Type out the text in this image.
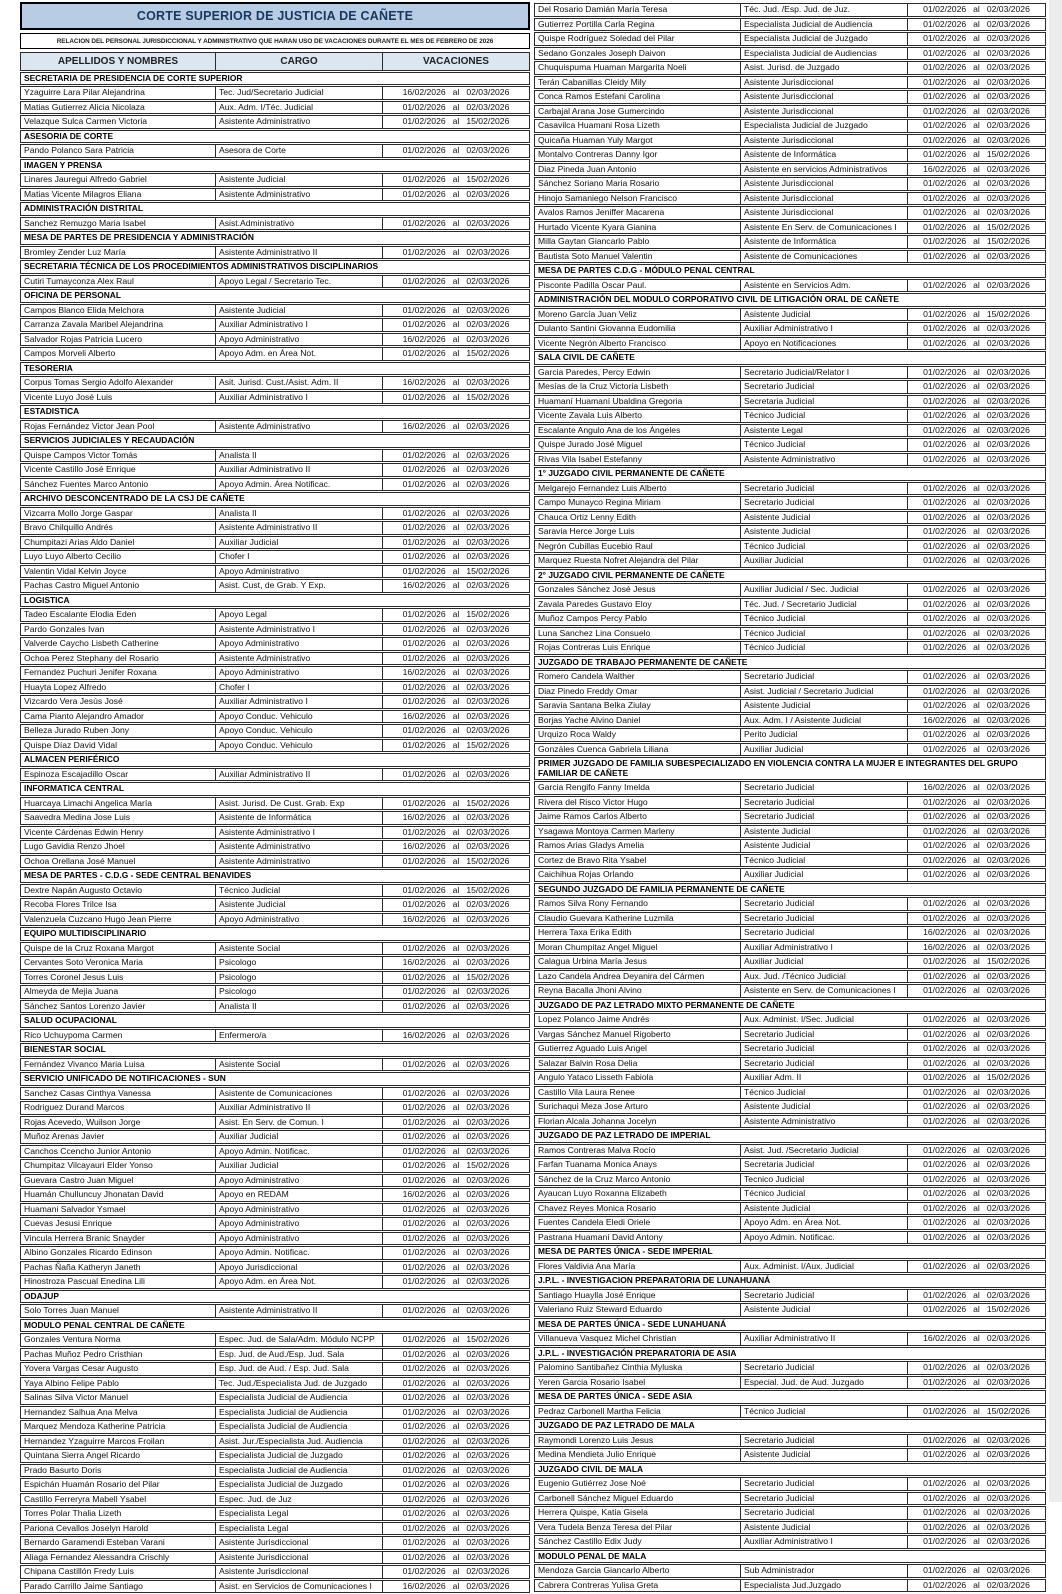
CORTE SUPERIOR DE JUSTICIA DE CAÑETE
RELACION DEL PERSONAL JURISDICCIONAL Y ADMINISTRATIVO QUE HARAN USO DE VACACIONES DURANTE EL MES DE FEBRERO DE 2026
APELLIDOS Y NOMBRES	CARGO	VACACIONES
SECRETARIA DE PRESIDENCIA DE CORTE SUPERIOR		
Yzaguirre Lara Pilar Alejandrina	Tec. Jud/Secretario Judicial	16/02/2026 al 02/03/2026
Matias Gutierrez Alicia Nicolaza	Aux. Adm. I/Téc. Judicial	01/02/2026 al 02/03/2026
Velazque Sulca Carmen Victoria	Asistente Administrativo	01/02/2026 al 15/02/2026
ASESORIA DE CORTE		
Pando Polanco Sara Patricia	Asesora de Corte	01/02/2026 al 02/03/2026
IMAGEN Y PRENSA		
Linares Jauregui Alfredo Gabriel	Asistente Judicial	01/02/2026 al 15/02/2026
Matias Vicente Milagros Eliana	Asistente Administrativo	01/02/2026 al 02/03/2026
ADMINISTRACIÓN DISTRITAL		
Sanchez Remuzgo Maria Isabel	Asist.Administrativo	01/02/2026 al 02/03/2026
MESA DE PARTES DE PRESIDENCIA Y ADMINISTRACIÓN		
Bromley Zender Luz María	Asistente Administrativo II	01/02/2026 al 02/03/2026
SECRETARIA TÉCNICA DE LOS PROCEDIMIENTOS ADMINISTRATIVOS DISCIPLINARIOS		
Cutiri Tumayconza Alex Raul	Apoyo Legal / Secretario Tec.	01/02/2026 al 02/03/2026
OFICINA DE PERSONAL		
Campos Blanco Elida Melchora	Asistente Judicial	01/02/2026 al 02/03/2026
Carranza Zavala Maribel Alejandrina	Auxiliar Administrativo I	01/02/2026 al 02/03/2026
Salvador Rojas Patricia Lucero	Apoyo Administrativo	16/02/2026 al 02/03/2026
Campos Morveli Alberto	Apoyo Adm. en Área Not.	01/02/2026 al 15/02/2026
TESORERIA		
Corpus Tomas Sergio Adolfo Alexander	Asit. Jurisd. Cust./Asist. Adm. II	16/02/2026 al 02/03/2026
Vicente Luyo José Luis	Auxiliar Administrativo I	01/02/2026 al 15/02/2026
ESTADISTICA		
Rojas Fernández Victor Jean Pool	Asistente Administrativo	16/02/2026 al 02/03/2026
SERVICIOS JUDICIALES Y RECAUDACIÓN		
Quispe Campos Victor Tomás	Analista II	01/02/2026 al 02/03/2026
Vicente Castillo José Enrique	Auxiliar Administrativo II	01/02/2026 al 02/03/2026
Sánchez Fuentes Marco Antonio	Apoyo Admin. Área Notificac.	01/02/2026 al 02/03/2026
ARCHIVO DESCONCENTRADO DE LA CSJ DE CAÑETE		
Vizcarra Mollo Jorge Gaspar	Analista II	01/02/2026 al 02/03/2026
Bravo Chilquillo Andrés	Asistente Administrativo II	01/02/2026 al 02/03/2026
Chumpitazi Arias Aldo Daniel	Auxiliar Judicial	01/02/2026 al 02/03/2026
Luyo Luyo Alberto Cecilio	Chofer I	01/02/2026 al 02/03/2026
Valentin Vidal Kelvin Joyce	Apoyo Administrativo	01/02/2026 al 15/02/2026
Pachas Castro Miguel Antonio	Asist. Cust, de Grab. Y Exp.	16/02/2026 al 02/03/2026
LOGISTICA		
Tadeo Escalante Elodia Eden	Apoyo Legal	01/02/2026 al 15/02/2026
Pardo Gonzales Ivan	Asistente Administrativo I	01/02/2026 al 02/03/2026
Valverde Caycho Lisbeth Catherine	Apoyo Administrativo	01/02/2026 al 02/03/2026
Ochoa Perez Stephany del Rosario	Asistente Administrativo	01/02/2026 al 02/03/2026
Fernandez Puchuri Jenifer Roxana	Apoyo Administrativo	16/02/2026 al 02/03/2026
Huayta Lopez Alfredo	Chofer I	01/02/2026 al 02/03/2026
Vizcardo Vera Jesús José	Auxiliar Administrativo I	01/02/2026 al 02/03/2026
Cama Pianto Alejandro Amador	Apoyo Conduc. Vehiculo	16/02/2026 al 02/03/2026
Belleza Jurado Ruben Jony	Apoyo Conduc. Vehiculo	01/02/2026 al 02/03/2026
Quispe Díaz David Vidal	Apoyo Conduc. Vehiculo	01/02/2026 al 15/02/2026
ALMACEN PERIFÉRICO		
Espinoza Escajadillo Oscar	Auxiliar Administrativo II	01/02/2026 al 02/03/2026
INFORMATICA CENTRAL		
Huarcaya Limachi Angelica María	Asist. Jurisd. De Cust. Grab. Exp	01/02/2026 al 15/02/2026
Saavedra Medina Jose Luis	Asistente de Informática	16/02/2026 al 02/03/2026
Vicente Cárdenas Edwin Henry	Asistente Administrativo I	01/02/2026 al 02/03/2026
Lugo Gavidia Renzo Jhoel	Asistente Administrativo	16/02/2026 al 02/03/2026
Ochoa Orellana José Manuel	Asistente Administrativo	01/02/2026 al 15/02/2026
MESA DE PARTES - C.D.G - SEDE CENTRAL BENAVIDES		
Dextre Napán Augusto Octavio	Técnico Judicial	01/02/2026 al 15/02/2026
Recoba Flores Trilce Isa	Asistente Judicial	01/02/2026 al 02/03/2026
Valenzuela Cuzcano Hugo Jean Pierre	Apoyo Administrativo	16/02/2026 al 02/03/2026
EQUIPO MULTIDISCIPLINARIO		
Quispe de la Cruz Roxana Margot	Asistente Social	01/02/2026 al 02/03/2026
Cervantes Soto Veronica Maria	Psicologo	16/02/2026 al 02/03/2026
Torres Coronel Jesus Luis	Psicologo	01/02/2026 al 15/02/2026
Almeyda de Mejia Juana	Psicologo	01/02/2026 al 02/03/2026
Sánchez Santos Lorenzo Javier	Analista II	01/02/2026 al 02/03/2026
SALUD OCUPACIONAL		
Rico Uchuypoma Carmen	Enfermero/a	16/02/2026 al 02/03/2026
BIENESTAR SOCIAL		
Fernández Vivanco Maria Luisa	Asistente Social	01/02/2026 al 02/03/2026
SERVICIO UNIFICADO DE NOTIFICACIONES - SUN		
Sanchez Casas Cinthya Vanessa	Asistente de Comunicaciones	01/02/2026 al 02/03/2026
Rodriguez Durand Marcos	Auxiliar Administrativo II	01/02/2026 al 02/03/2026
Rojas Acevedo, Wuilson Jorge	Asist. En Serv. de Comun. I	01/02/2026 al 02/03/2026
Muñoz Arenas Javier	Auxiliar Judicial	01/02/2026 al 02/03/2026
Canchos Ccencho Junior Antonio	Apoyo Admin. Notificac.	01/02/2026 al 02/03/2026
Chumpitaz Vilcayauri Elder Yonso	Auxiliar Judicial	01/02/2026 al 15/02/2026
Guevara Castro Juan Miguel	Apoyo Administrativo	01/02/2026 al 02/03/2026
Huamán Chulluncuy Jhonatan David	Apoyo en REDAM	16/02/2026 al 02/03/2026
Huamani Salvador Ysmael	Apoyo Administrativo	01/02/2026 al 02/03/2026
Cuevas Jesusi Enrique	Apoyo Administrativo	01/02/2026 al 02/03/2026
Vincula Herrera Branic Snayder	Apoyo Administrativo	01/02/2026 al 02/03/2026
Albino Gonzales Ricardo Edinson	Apoyo Admin. Notificac.	01/02/2026 al 02/03/2026
Pachas Ñaña Katheryn Janeth	Apoyo Jurisdiccional	01/02/2026 al 02/03/2026
Hinostroza Pascual Enedina Lili	Apoyo Adm. en Área Not.	01/02/2026 al 02/03/2026
ODAJUP		
Solo Torres Juan Manuel	Asistente Administrativo II	01/02/2026 al 02/03/2026
MODULO PENAL CENTRAL DE CAÑETE		
Gonzales Ventura Norma	Espec. Jud. de Sala/Adm. Módulo NCPP	01/02/2026 al 15/02/2026
Pachas Muñoz Pedro Cristhian	Esp. Jud. de Aud./Esp. Jud. Sala	01/02/2026 al 02/03/2026
Yovera Vargas Cesar Augusto	Esp. Jud. de Aud. / Esp. Jud. Sala	01/02/2026 al 02/03/2026
Yaya Albino Felipe Pablo	Tec. Jud./Especialista Jud. de Juzgado	01/02/2026 al 02/03/2026
Salinas Silva Victor Manuel	Especialista Judicial de Audiencia	01/02/2026 al 02/03/2026
Hernandez Salhua Ana Melva	Especialista Judicial de Audiencia	01/02/2026 al 02/03/2026
Marquez Mendoza Katherine Patricia	Especialista Judicial de Audiencia	01/02/2026 al 02/03/2026
Hernandez Yzaguirre Marcos Froilan	Asist. Jur./Especialista Jud. Audiencia	01/02/2026 al 02/03/2026
Quintana Sierra Angel Ricardo	Especialista Judicial de Juzgado	01/02/2026 al 02/03/2026
Prado Basurto Doris	Especialista Judicial de Audiencia	01/02/2026 al 02/03/2026
Espichán Huamán Rosario del Pilar	Especialista Judicial de Juzgado	01/02/2026 al 02/03/2026
Castillo Ferreryra Mabell Ysabel	Espec. Jud. de Juz	01/02/2026 al 02/03/2026
Torres Polar Thalia Lizeth	Especialista Legal	01/02/2026 al 02/03/2026
Pariona Cevallos Joselyn Harold	Especialista Legal	01/02/2026 al 02/03/2026
Bernardo Garamendi Esteban Varani	Asistente Jurisdiccional	01/02/2026 al 02/03/2026
Aliaga Fernandez Alessandra Crischly	Asistente Jurisdiccional	01/02/2026 al 02/03/2026
Chipana Castillón Fredy Luis	Asistente Jurisdiccional	01/02/2026 al 02/03/2026
Parado Carrillo Jaime Santiago	Asist. en Servicios de Comunicaciones I	16/02/2026 al 02/03/2026
Del Rosario Damián María Teresa	Téc. Jud. /Esp. Jud. de Juz.	01/02/2026 al 02/03/2026
Gutierrez Portilla Carla Regina	Especialista Judicial de Audiencia	01/02/2026 al 02/03/2026
Quispe Rodríguez Soledad del Pilar	Especialista Judicial de Juzgado	01/02/2026 al 02/03/2026
Sedano Gonzales Joseph Daivon	Especialista Judicial de Audiencias	01/02/2026 al 02/03/2026
Chuquispuma Huaman Margarita Noeli	Asist. Jurisd. de Juzgado	01/02/2026 al 02/03/2026
Terán Cabanillas Cleidy Mily	Asistente Jurisdiccional	01/02/2026 al 02/03/2026
Conca Ramos Estefani Carolina	Asistente Jurisdiccional	01/02/2026 al 02/03/2026
Carbajal Arana Jose Gumercindo	Asistente Jurisdiccional	01/02/2026 al 02/03/2026
Casavilca Huamani Rosa Lizeth	Especialista Judicial de Juzgado	01/02/2026 al 02/03/2026
Quicaña Huaman Yuly Margot	Asistente Jurisdiccional	01/02/2026 al 02/03/2026
Montalvo Contreras Danny Igor	Asistente de Informática	01/02/2026 al 15/02/2026
Diaz Pineda Juan Antonio	Asistente en servicios Administrativos	16/02/2026 al 02/03/2026
Sánchez Soriano Maria Rosario	Asistente Jurisdiccional	01/02/2026 al 02/03/2026
Hinojo Samaniego Nelson Francisco	Asistente Jurisdiccional	01/02/2026 al 02/03/2026
Avalos Ramos Jeniffer Macarena	Asistente Jurisdiccional	01/02/2026 al 02/03/2026
Hurtado Vicente Kyara Gianina	Asistente En Serv. de Comunicaciones I	01/02/2026 al 15/02/2026
Milla Gaytan Giancarlo Pablo	Asistente de Informática	01/02/2026 al 15/02/2026
Bautista Soto Manuel Valentin	Asistente de Comunicaciones	01/02/2026 al 02/03/2026
MESA DE PARTES C.D.G - MÓDULO PENAL CENTRAL		
Pisconte Padilla Oscar Paul.	Asistente en Servicios Adm.	01/02/2026 al 02/03/2026
ADMINISTRACIÓN DEL MODULO CORPORATIVO CIVIL DE LITIGACIÓN ORAL DE CAÑETE		
Moreno García Juan Veliz	Asistente Judicial	01/02/2026 al 15/02/2026
Dulanto Santini Giovanna Eudomilia	Auxiliar Administrativo I	01/02/2026 al 02/03/2026
Vicente Negrón Alberto Francisco	Apoyo en Notificaciones	01/02/2026 al 02/03/2026
SALA CIVIL DE CAÑETE		
Garcia Paredes, Percy Edwin	Secretario Judicial/Relator I	01/02/2026 al 02/03/2026
Mesías de la Cruz Victoria Lisbeth	Secretario Judicial	01/02/2026 al 02/03/2026
Huamaní Huamaní Ubaldina Gregoria	Secretaria Judicial	01/02/2026 al 02/03/2026
Vicente Zavala Luis Alberto	Técnico Judicial	01/02/2026 al 02/03/2026
Escalante Angulo Ana de los Ángeles	Asistente Legal	01/02/2026 al 02/03/2026
Quispe Jurado José Miguel	Técnico Judicial	01/02/2026 al 02/03/2026
Rivas Vila Isabel Estefanny	Asistente Administrativo	01/02/2026 al 02/03/2026
1° JUZGADO CIVIL PERMANENTE DE CAÑETE		
Melgarejo Fernandez Luis Alberto	Secretario Judicial	01/02/2026 al 02/03/2026
Campo Munayco Regina Miriam	Secretario Judicial	01/02/2026 al 02/03/2026
Chauca Ortiz Lenny Edith	Asistente Judicial	01/02/2026 al 02/03/2026
Saravia Herce Jorge Luis	Asistente Judicial	01/02/2026 al 02/03/2026
Negrón Cubillas Eucebio Raul	Técnico Judicial	01/02/2026 al 02/03/2026
Marquez Ruesta Nofret Alejandra del Pilar	Auxiliar Judicial	01/02/2026 al 02/03/2026
2° JUZGADO CIVIL PERMANENTE DE CAÑETE		
Gonzales Sánchez José Jesus	Auxiliar Judicial / Sec. Judicial	01/02/2026 al 02/03/2026
Zavala Paredes Gustavo Eloy	Téc. Jud. / Secretario Judicial	01/02/2026 al 02/03/2026
Muñoz Campos Percy Pablo	Técnico Judicial	01/02/2026 al 02/03/2026
Luna Sanchez Lina Consuelo	Técnico Judicial	01/02/2026 al 02/03/2026
Rojas Contreras Luis Enrique	Técnico Judicial	01/02/2026 al 02/03/2026
JUZGADO DE TRABAJO PERMANENTE DE CAÑETE		
Romero Candela Walther	Secretario Judicial	01/02/2026 al 02/03/2026
Diaz Pinedo Freddy Omar	Asist. Judicial / Secretario Judicial	01/02/2026 al 02/03/2026
Saravia Santana Belka Ziulay	Asistente Judicial	01/02/2026 al 02/03/2026
Borjas Yache Alvino Daniel	Aux. Adm. I / Asistente Judicial	16/02/2026 al 02/03/2026
Urquizo Roca Waldy	Perito Judicial	01/02/2026 al 02/03/2026
Gonzáles Cuenca Gabriela Liliana	Auxiliar Judicial	01/02/2026 al 02/03/2026
PRIMER JUZGADO DE FAMILIA SUBESPECIALIZADO EN VIOLENCIA CONTRA LA MUJER E INTEGRANTES DEL GRUPO FAMILIAR DE CAÑETE		
Garcia Rengifo Fanny Imelda	Secretario Judicial	16/02/2026 al 02/03/2026
Rivera del Risco Victor Hugo	Secretario Judicial	01/02/2026 al 02/03/2026
Jaime Ramos Carlos Alberto	Secretario Judicial	01/02/2026 al 02/03/2026
Ysagawa Montoya Carmen Marleny	Asistente Judicial	01/02/2026 al 02/03/2026
Ramos Arias Gladys Amelia	Asistente Judicial	01/02/2026 al 02/03/2026
Cortez de Bravo Rita Ysabel	Técnico Judicial	01/02/2026 al 02/03/2026
Caichihua Rojas Orlando	Auxiliar Judicial	01/02/2026 al 02/03/2026
SEGUNDO JUZGADO DE FAMILIA PERMANENTE DE CAÑETE		
Ramos Silva Rony Fernando	Secretario Judicial	01/02/2026 al 02/03/2026
Claudio Guevara Katherine Luzmila	Secretario Judicial	01/02/2026 al 02/03/2026
Herrera Taxa Erika Edith	Secretario Judicial	16/02/2026 al 02/03/2026
Moran Chumpitaz Angel Miguel	Auxiliar Administrativo I	16/02/2026 al 02/03/2026
Calagua Urbina María Jesus	Auxiliar Judicial	01/02/2026 al 15/02/2026
Lazo Candela Andrea Deyanira del Cármen	Aux. Jud. /Técnico Judicial	01/02/2026 al 02/03/2026
Reyna Bacalla Jhoni Alvino	Asistente en Serv. de Comunicaciones I	01/02/2026 al 02/03/2026
JUZGADO DE PAZ LETRADO MIXTO PERMANENTE DE CAÑETE		
Lopez Polanco Jaime Andrés	Aux. Administ. I/Sec. Judicial	01/02/2026 al 02/03/2026
Vargas Sánchez Manuel Rigoberto	Secretario Judicial	01/02/2026 al 02/03/2026
Gutierrez Aguado Luis Angel	Secretario Judicial	01/02/2026 al 02/03/2026
Salazar Balvin Rosa Delia	Secretario Judicial	01/02/2026 al 02/03/2026
Angulo Yataco Lisseth Fabiola	Auxiliar Adm. II	01/02/2026 al 15/02/2026
Castillo Vila Laura Renee	Técnico Judicial	01/02/2026 al 02/03/2026
Surichaqui Meza Jose Arturo	Asistente Judicial	01/02/2026 al 02/03/2026
Florian Alcala Johanna Jocelyn	Asistente Administrativo	01/02/2026 al 02/03/2026
JUZGADO DE PAZ LETRADO DE IMPERIAL		
Ramos Contreras Malva Rocío	Asist. Jud. /Secretario Judicial	01/02/2026 al 02/03/2026
Farfan Tuanama Monica Anays	Secretaria Judicial	01/02/2026 al 02/03/2026
Sánchez de la Cruz Marco Antonio	Tecnico Judicial	01/02/2026 al 02/03/2026
Ayaucan Luyo Roxanna Elizabeth	Técnico Judicial	01/02/2026 al 02/03/2026
Chavez Reyes Monica Rosario	Asistente Judicial	01/02/2026 al 02/03/2026
Fuentes Candela Eledi Oriele	Apoyo Adm. en Área Not.	01/02/2026 al 02/03/2026
Pastrana Huamaní David Antony	Apoyo Admin. Notificac.	01/02/2026 al 02/03/2026
MESA DE PARTES ÚNICA - SEDE IMPERIAL		
Flores Valdivia Ana María	Aux. Administ. I/Aux. Judicial	01/02/2026 al 02/03/2026
J.P.L. - INVESTIGACION PREPARATORIA DE LUNAHUANÁ		
Santiago Huaylla José Enrique	Secretario Judicial	01/02/2026 al 02/03/2026
Valeriano Ruiz Steward Eduardo	Asistente Judicial	01/02/2026 al 15/02/2026
MESA DE PARTES ÚNICA - SEDE LUNAHUANÁ		
Villanueva Vasquez Michel Christian	Auxiliar Administrativo II	16/02/2026 al 02/03/2026
J.P.L. - INVESTIGACIÓN PREPARATORIA DE ASIA		
Palomino Santibañez Cinthia Myluska	Secretario Judicial	01/02/2026 al 02/03/2026
Yeren Garcia Rosario Isabel	Especial. Jud. de Aud. Juzgado	01/02/2026 al 02/03/2026
MESA DE PARTES ÚNICA - SEDE ASIA		
Pedraz Carbonell Martha Felicia	Técnico Judicial	01/02/2026 al 15/02/2026
JUZGADO DE PAZ LETRADO DE MALA		
Raymondi Lorenzo Luis Jesus	Secretario Judicial	01/02/2026 al 02/03/2026
Medina Mendieta Julio Enrique	Asistente Judicial	01/02/2026 al 02/03/2026
JUZGADO CIVIL DE MALA		
Eugenio Gutiérrez Jose Noé	Secretario Judicial	01/02/2026 al 02/03/2026
Carbonell Sánchez Miguel Eduardo	Secretario Judicial	01/02/2026 al 02/03/2026
Herrera Quispe, Katia Gisela	Secretario Judicial	01/02/2026 al 02/03/2026
Vera Tudela Benza Teresa del Pilar	Asistente Judicial	01/02/2026 al 02/03/2026
Sánchez Castillo Edix Judy	Auxiliar Administrativo I	01/02/2026 al 02/03/2026
MODULO PENAL DE MALA		
Mendoza Garcia Giancarlo Alberto	Sub Administrador	01/02/2026 al 02/03/2026
Cabrera Contreras Yulisa Greta	Especialista Jud.Juzgado	01/02/2026 al 02/03/2026
